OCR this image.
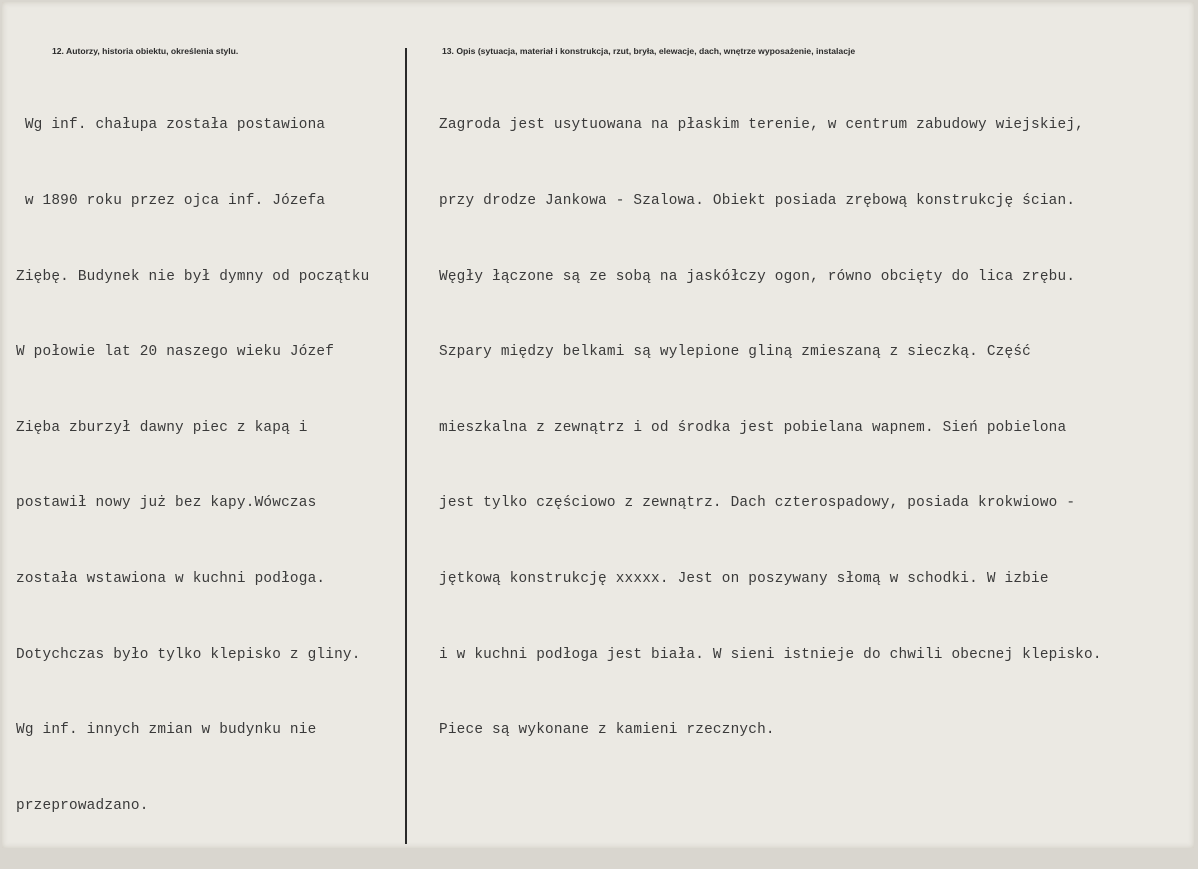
12. Autorzy, historia obiektu, określenia stylu.	13. Opis (sytuacja, materiał i konstrukcja, rzut, bryła, elewacje, dach, wnętrze wyposażenie, instalacje

Wg inf. chałupa została postawiona

w 1890 roku przez ojca inf. Józefa

Ziębę. Budynek nie był dymny od początku

W połowie lat 20 naszego wieku Józef

Zięba zburzył dawny piec z kapą i

postawił nowy już bez kapy.Wówczas

została wstawiona w kuchni podłoga.

Dotychczas było tylko klepisko z gliny.

Wg inf. innych zmian w budynku nie

przeprowadzano.

Zagroda jest usytuowana na płaskim terenie, w centrum zabudowy wiejskiej,

przy drodze Jankowa - Szalowa. Obiekt posiada zrębową konstrukcję ścian.

Węgły łączone są ze sobą na jaskółczy ogon, równo obcięty do lica zrębu.

Szpary między belkami są wylepione gliną zmieszaną z sieczką. Część

mieszkalna z zewnątrz i od środka jest pobielana wapnem. Sień pobielona

jest tylko częściowo z zewnątrz. Dach czterospadowy, posiada krokwiowo -

jętkową konstrukcję xxxxx. Jest on poszywany słomą w schodki. W izbie

i w kuchni podłoga jest biała. W sieni istnieje do chwili obecnej klepisko.

Piece są wykonane z kamieni rzecznych.
